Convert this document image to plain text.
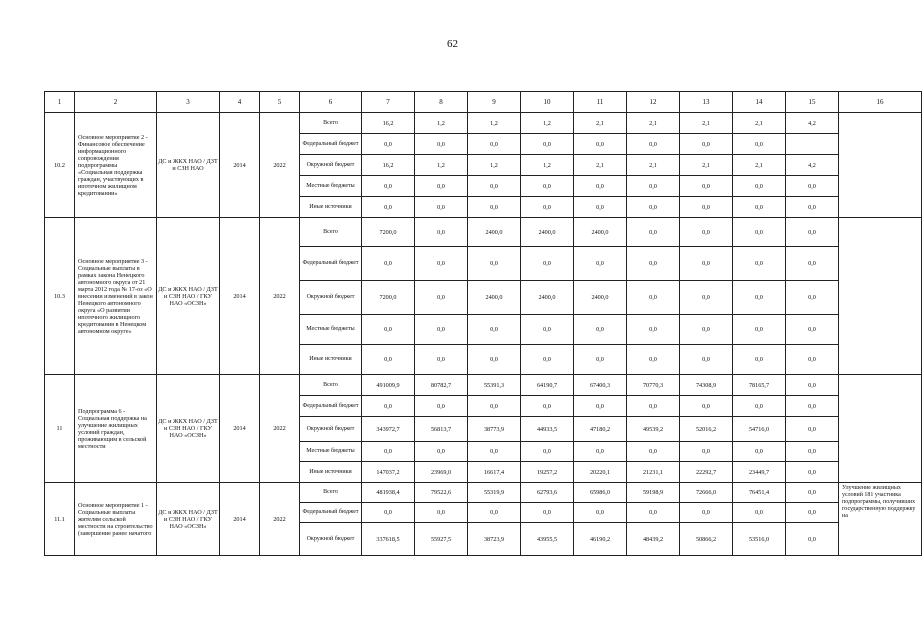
62
1	2	3	4	5	6	7	8	9	10	11	12	13	14	15	16
10.2	Основное мероприятие 2 - Финансовое обеспечение информационного сопровождения подпрограммы «Социальная поддержка граждан, участвующих в ипотечном жилищном кредитовании»	ДС и ЖКХ НАО / ДЗТ и СЗН НАО	2014	2022	Всего	16,2	1,2	1,2	1,2	2,1	2,1	2,1	2,1	4,2	
					Федеральный бюджет	0,0	0,0	0,0	0,0	0,0	0,0	0,0	0,0		
					Окружной бюджет	16,2	1,2	1,2	1,2	2,1	2,1	2,1	2,1	4,2	
					Местные бюджеты	0,0	0,0	0,0	0,0	0,0	0,0	0,0	0,0	0,0	
					Иные источники	0,0	0,0	0,0	0,0	0,0	0,0	0,0	0,0	0,0	
10.3	Основное мероприятие 3 - Социальные выплаты в рамках закона Ненецкого автономного округа от 21 марта 2012 года № 17-оз «О внесении изменений в закон Ненецкого автономного округа «О развитии ипотечного жилищного кредитования в Ненецком автономном округе»	ДС и ЖКХ НАО / ДЗТ и СЗН НАО / ГКУ НАО «ОСЗН»	2014	2022	Всего	7200,0	0,0	2400,0	2400,0	2400,0	0,0	0,0	0,0	0,0	
					Федеральный бюджет	0,0	0,0	0,0	0,0	0,0	0,0	0,0	0,0	0,0	
					Окружной бюджет	7200,0	0,0	2400,0	2400,0	2400,0	0,0	0,0	0,0	0,0	
					Местные бюджеты	0,0	0,0	0,0	0,0	0,0	0,0	0,0	0,0	0,0	
					Иные источники	0,0	0,0	0,0	0,0	0,0	0,0	0,0	0,0	0,0	
11	Подпрограмма 6 - Социальная поддержка на улучшение жилищных условий граждан, проживающим в сельской местности	ДС и ЖКХ НАО / ДЗТ и СЗН НАО / ГКУ НАО «ОСЗН»	2014	2022	Всего	491009,9	80782,7	55391,3	64190,7	67400,3	70770,3	74308,9	78165,7	0,0	
					Федеральный бюджет	0,0	0,0	0,0	0,0	0,0	0,0	0,0	0,0	0,0	
					Окружной бюджет	343972,7	56813,7	38773,9	44933,5	47180,2	49539,2	52016,2	54716,0	0,0	
					Местные бюджеты	0,0	0,0	0,0	0,0	0,0	0,0	0,0	0,0	0,0	
					Иные источники	147037,2	23969,0	16617,4	19257,2	20220,1	21231,1	22292,7	23449,7	0,0	
11.1	Основное мероприятие 1 - Социальные выплаты жителям сельской местности на строительство (завершение ранее начатого	ДС и ЖКХ НАО / ДЗТ и СЗН НАО / ГКУ НАО «ОСЗН»	2014	2022	Всего	481938,4	79522,6	55319,9	62793,6	65986,0	59198,9	72666,0	76451,4	0,0	Улучшение жилищных условий 181 участника подпрограммы, получивших государственную поддержку на
					Федеральный бюджет	0,0	0,0	0,0	0,0	0,0	0,0	0,0	0,0	0,0	
					Окружной бюджет	337618,5	55927,5	38723,9	43955,5	46190,2	48439,2	50866,2	53516,0	0,0	
